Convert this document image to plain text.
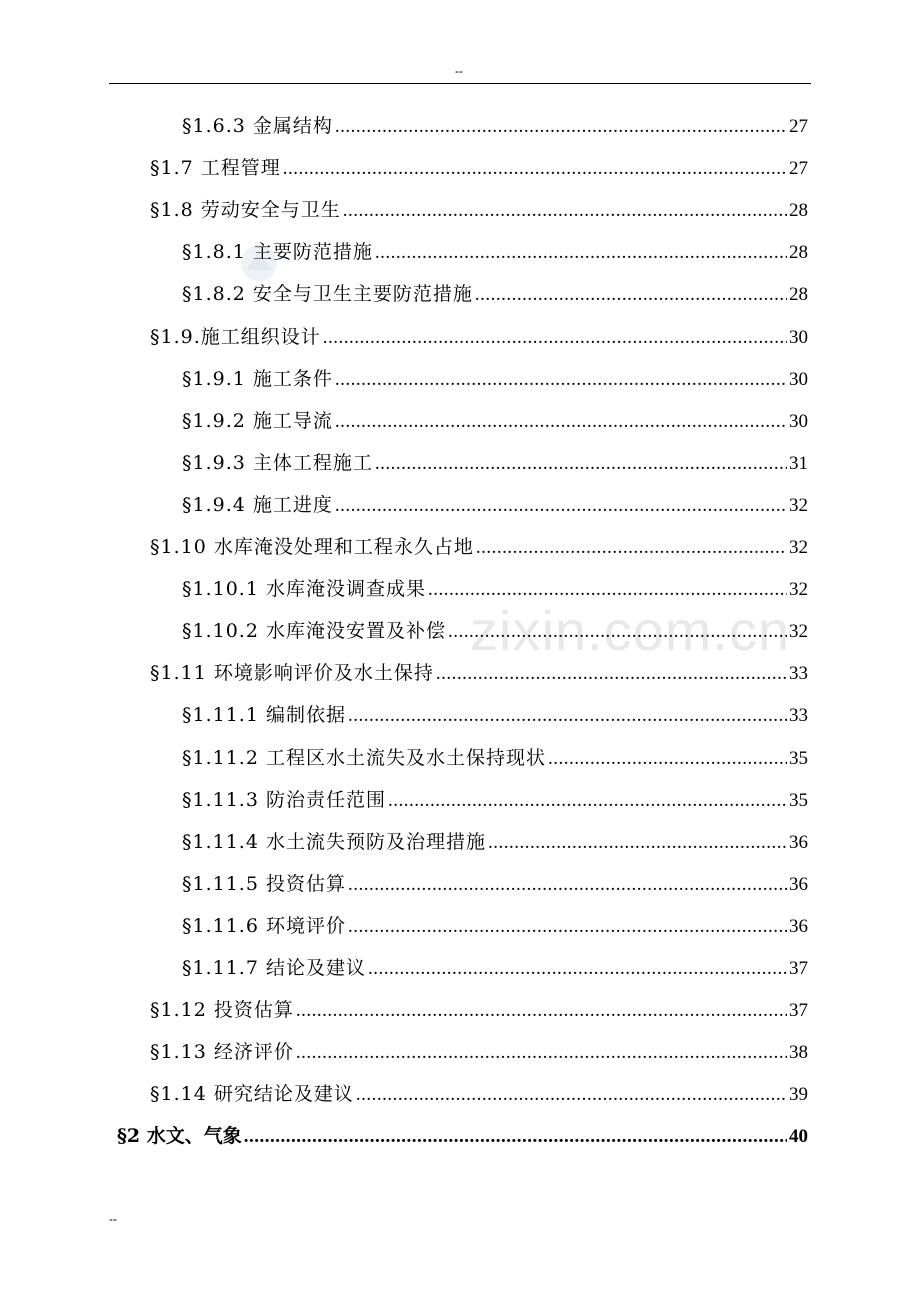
--
zixin.com.cn
§1.6.3 金属结构 .....	27
§1.7 工程管理 .....	27
§1.8 劳动安全与卫生 .....	28
§1.8.1 主要防范措施 .....	28
§1.8.2 安全与卫生主要防范措施 .....	28
§1.9.施工组织设计 .....	30
§1.9.1 施工条件 .....	30
§1.9.2 施工导流 .....	30
§1.9.3 主体工程施工 .....	31
§1.9.4 施工进度 .....	32
§1.10 水库淹没处理和工程永久占地 .....	32
§1.10.1 水库淹没调查成果 .....	32
§1.10.2 水库淹没安置及补偿 .....	32
§1.11 环境影响评价及水土保持 .....	33
§1.11.1 编制依据 .....	33
§1.11.2 工程区水土流失及水土保持现状 .....	35
§1.11.3 防治责任范围 .....	35
§1.11.4 水土流失预防及治理措施 .....	36
§1.11.5 投资估算 .....	36
§1.11.6 环境评价 .....	36
§1.11.7 结论及建议 .....	37
§1.12 投资估算 .....	37
§1.13 经济评价 .....	38
§1.14 研究结论及建议 .....	39
§2 水文、气象 .....	40
--
